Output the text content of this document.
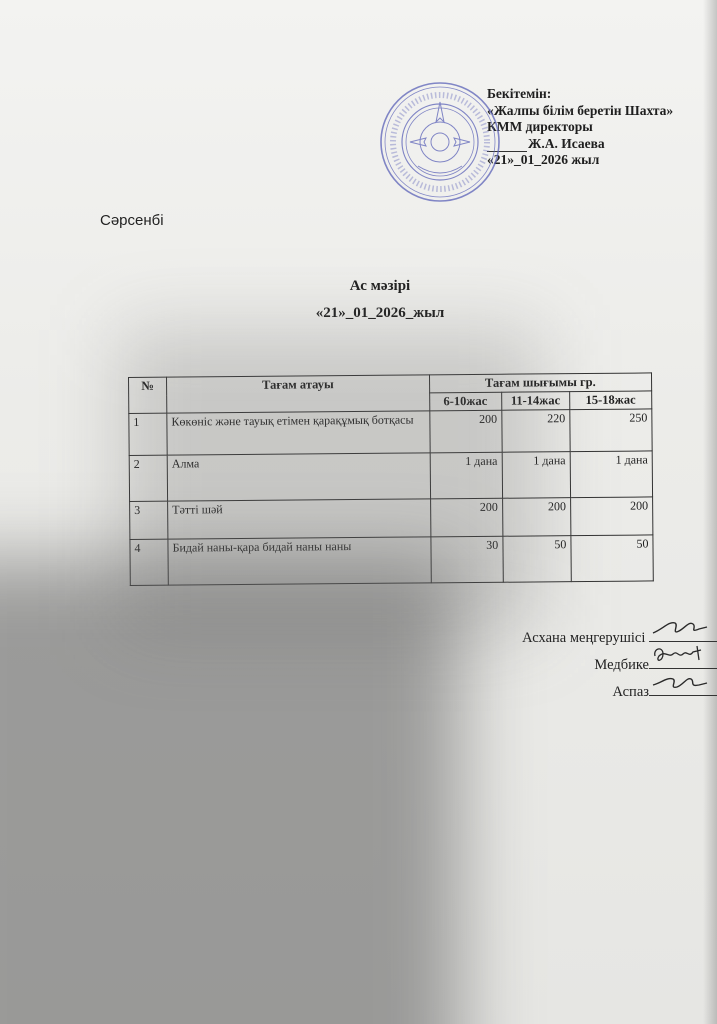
Бекітемін:
«Жалпы білім беретін Шахта»
КММ директоры
Ж.А. Исаева
«21»_01_2026 жыл
Сәрсенбі
Ас мәзірі
«21»_01_2026_жыл
№	Тағам атауы	Тағам шығымы гр.		
		6-10жас	11-14жас	15-18жас
1	Көкөніс және тауық етімен қарақұмық ботқасы	200	220	250
2	Алма	1 дана	1 дана	1 дана
3	Тәтті шәй	200	200	200
4	Бидай наны-қара бидай наны наны	30	50	50
Асхана меңгерушісі
Медбике
Аспаз
